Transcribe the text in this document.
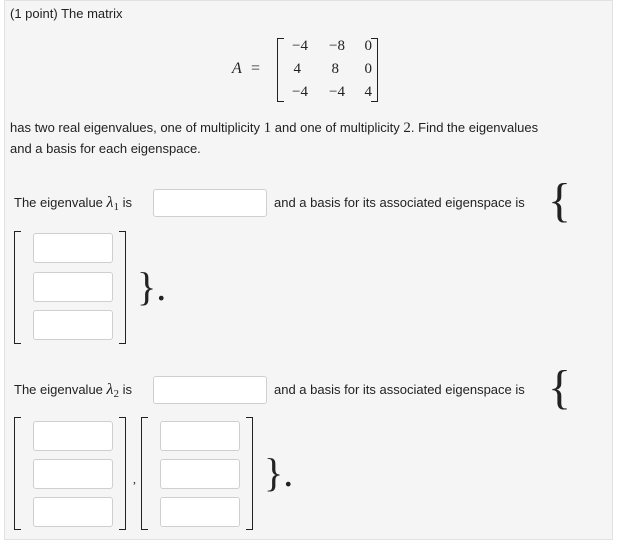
(1 point) The matrix
A =
−4	−8	0
4	8	0
−4	−4	4
has two real eigenvalues, one of multiplicity 1 and one of multiplicity 2. Find the eigenvalues
and a basis for each eigenspace.
The eigenvalue $\lambda_1$ is	and a basis for its associated eigenspace is {
}.
The eigenvalue $\lambda_2$ is	and a basis for its associated eigenspace is {
,	}.
